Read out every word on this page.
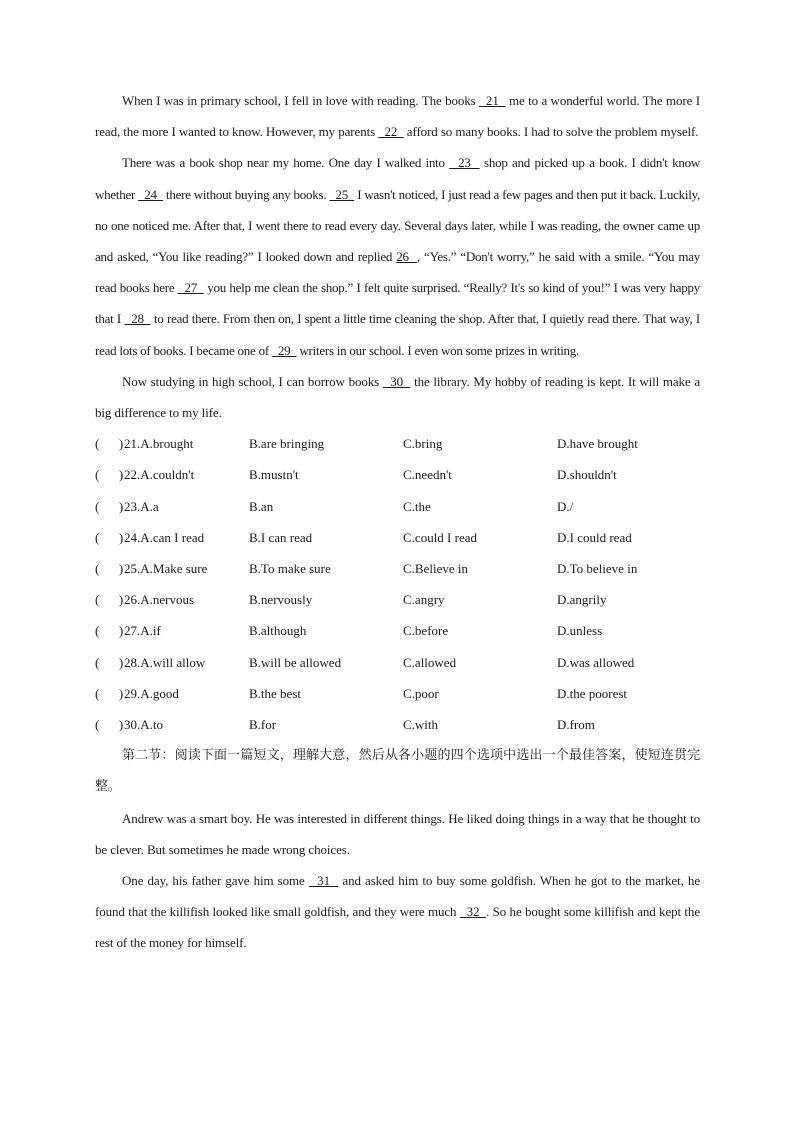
When I was in primary school, I fell in love with reading. The books   21   me to a wonderful world. The more I read, the more I wanted to know. However, my parents   22   afford so many books. I had to solve the problem myself.

There was a book shop near my home. One day I walked into   23   shop and picked up a book. I didn't know whether   24   there without buying any books.   25   I wasn't noticed, I just read a few pages and then put it back. Luckily, no one noticed me. After that, I went there to read every day. Several days later, while I was reading, the owner came up and asked, “You like reading?” I looked down and replied 26  , “Yes.” “Don't worry,” he said with a smile. “You may read books here   27   you help me clean the shop.” I felt quite surprised. “Really? It's so kind of you!” I was very happy that I   28   to read there. From then on, I spent a little time cleaning the shop. After that, I quietly read there. That way, I read lots of books. I became one of   29   writers in our school. I even won some prizes in writing.

Now studying in high school, I can borrow books   30   the library. My hobby of reading is kept. It will make a big difference to my life.

(      ) 21.A.brought	B.are bringing	C.bring	D.have brought
(      ) 22.A.couldn't	B.mustn't	C.needn't	D.shouldn't
(      ) 23.A.a	B.an	C.the	D./
(      ) 24.A.can I read	B.I can read	C.could I read	D.I could read
(      ) 25.A.Make sure	B.To make sure	C.Believe in	D.To believe in
(      ) 26.A.nervous	B.nervously	C.angry	D.angrily
(      ) 27.A.if	B.although	C.before	D.unless
(      ) 28.A.will allow	B.will be allowed	C.allowed	D.was allowed
(      ) 29.A.good	B.the best	C.poor	D.the poorest
(      ) 30.A.to	B.for	C.with	D.from

第二节：阅读下面一篇短文，理解大意，然后从各小题的四个选项中选出一个最佳答案，使短连贯完整。

Andrew was a smart boy. He was interested in different things. He liked doing things in a way that he thought to be clever. But sometimes he made wrong choices.

One day, his father gave him some   31   and asked him to buy some goldfish. When he got to the market, he found that the killifish looked like small goldfish, and they were much   32  . So he bought some killifish and kept the rest of the money for himself.
